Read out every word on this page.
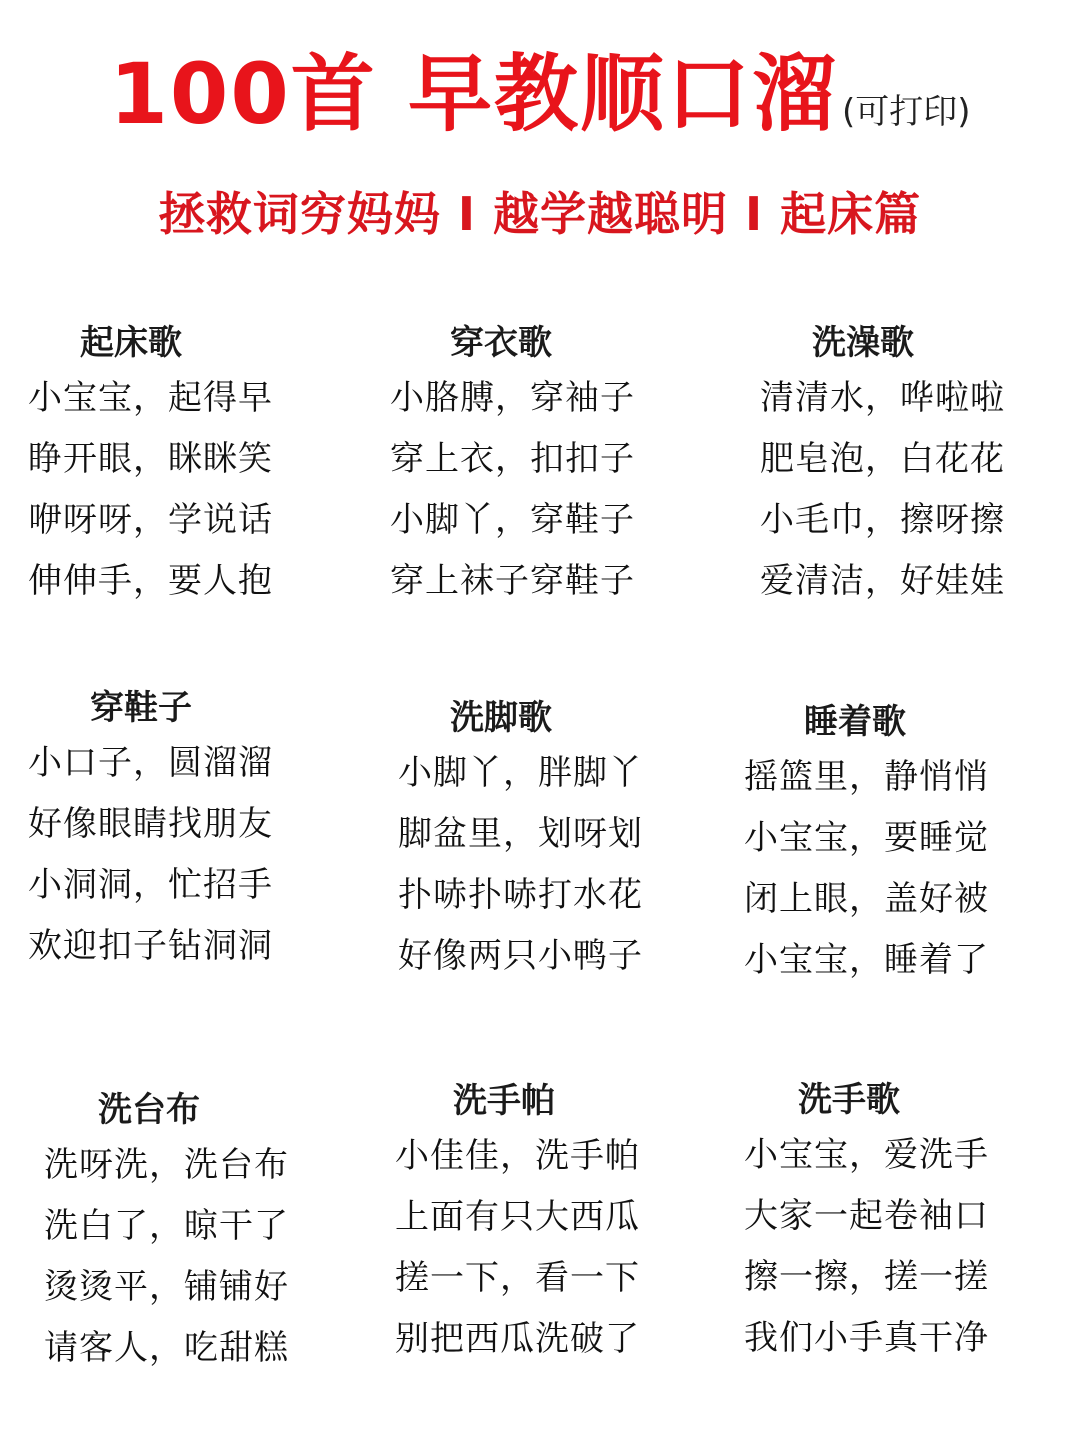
100首 早教顺口溜 (可打印)
拯救词穷妈妈 I 越学越聪明 I 起床篇
起床歌
小宝宝，起得早
睁开眼，眯眯笑
咿呀呀，学说话
伸伸手，要人抱
穿衣歌
小胳膊，穿袖子
穿上衣，扣扣子
小脚丫，穿鞋子
穿上袜子穿鞋子
洗澡歌
清清水，哗啦啦
肥皂泡，白花花
小毛巾，擦呀擦
爱清洁，好娃娃
穿鞋子
小口子，圆溜溜
好像眼睛找朋友
小洞洞，忙招手
欢迎扣子钻洞洞
洗脚歌
小脚丫，胖脚丫
脚盆里，划呀划
扑哧扑哧打水花
好像两只小鸭子
睡着歌
摇篮里，静悄悄
小宝宝，要睡觉
闭上眼，盖好被
小宝宝，睡着了
洗台布
洗呀洗，洗台布
洗白了，晾干了
烫烫平，铺铺好
请客人，吃甜糕
洗手帕
小佳佳，洗手帕
上面有只大西瓜
搓一下，看一下
别把西瓜洗破了
洗手歌
小宝宝，爱洗手
大家一起卷袖口
擦一擦，搓一搓
我们小手真干净
